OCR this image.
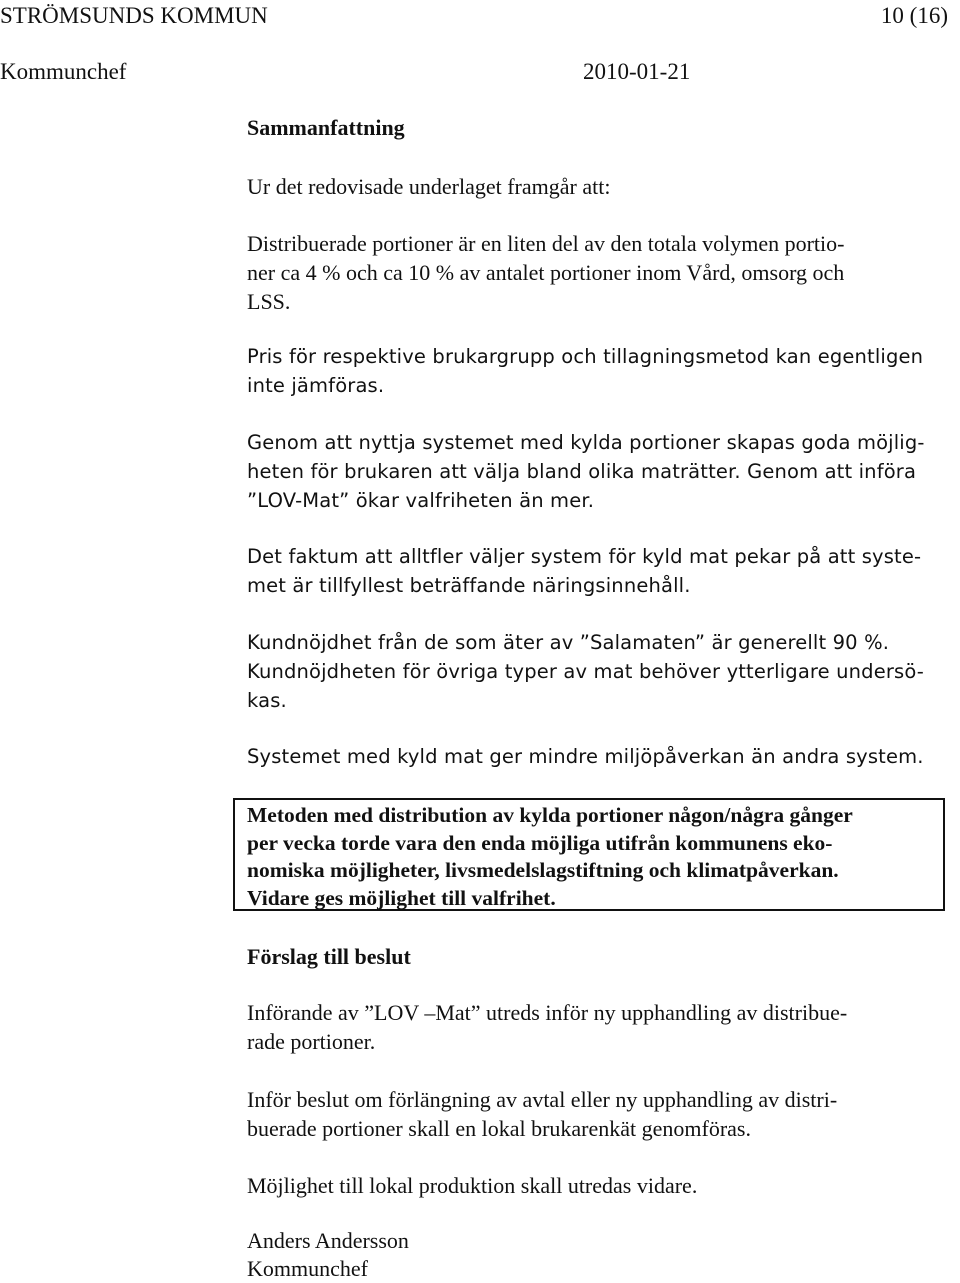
STRÖMSUNDS KOMMUN	10 (16)
Kommunchef	2010-01-21
Sammanfattning
Ur det redovisade underlaget framgår att:
Distribuerade portioner är en liten del av den totala volymen portio-
ner ca 4 % och ca 10 % av antalet portioner inom Vård, omsorg och
LSS.
Pris för respektive brukargrupp och tillagningsmetod kan egentligen
inte jämföras.
Genom att nyttja systemet med kylda portioner skapas goda möjlig-
heten för brukaren att välja bland olika maträtter. Genom att införa
”LOV-Mat” ökar valfriheten än mer.
Det faktum att alltfler väljer system för kyld mat pekar på att syste-
met är tillfyllest beträffande näringsinnehåll.
Kundnöjdhet från de som äter av ”Salamaten” är generellt 90 %.
Kundnöjdheten för övriga typer av mat behöver ytterligare undersö-
kas.
Systemet med kyld mat ger mindre miljöpåverkan än andra system.
Metoden med distribution av kylda portioner någon/några gånger
per vecka torde vara den enda möjliga utifrån kommunens eko-
nomiska möjligheter, livsmedelslagstiftning och klimatpåverkan.
Vidare ges möjlighet till valfrihet.
Förslag till beslut
Införande av ”LOV –Mat” utreds inför ny upphandling av distribue-
rade portioner.
Inför beslut om förlängning av avtal eller ny upphandling av distri-
buerade portioner skall en lokal brukarenkät genomföras.
Möjlighet till lokal produktion skall utredas vidare.
Anders Andersson
Kommunchef
